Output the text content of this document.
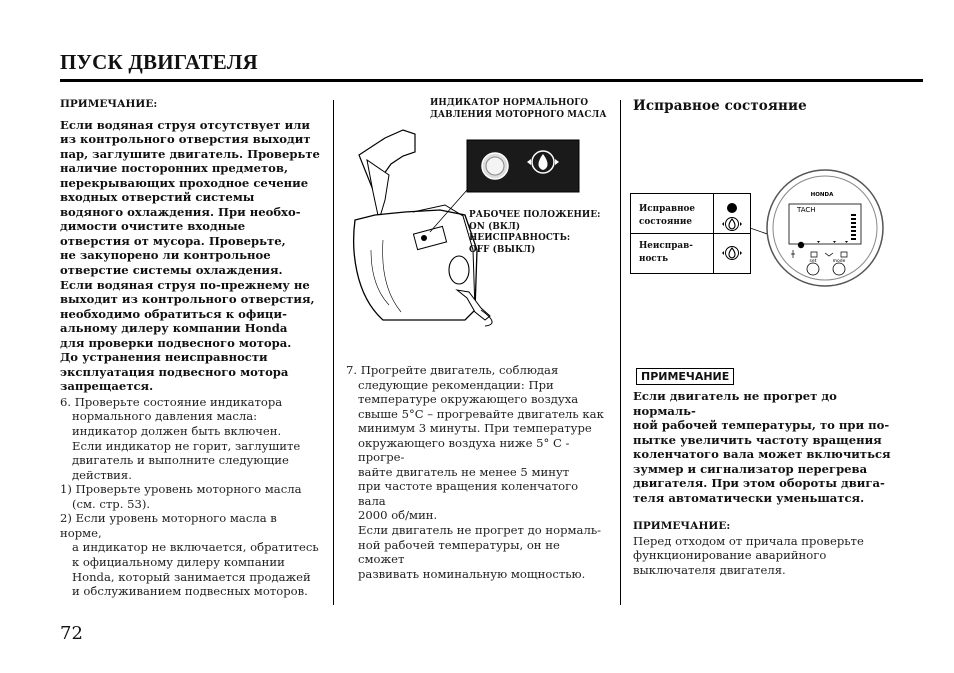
ПУСК ДВИГАТЕЛЯ
ПРИМЕЧАНИЕ:
Если водяная струя отсутствует или
из контрольного отверстия выходит
пар, заглушите двигатель. Проверьте
наличие посторонних предметов,
перекрывающих проходное сечение
входных отверстий системы
водяного охлаждения. При необхо-
димости очистите входные
отверстия от мусора. Проверьте,
не закупорено ли контрольное
отверстие системы охлаждения.
Если водяная струя по-прежнему не
выходит из контрольного отверстия,
необходимо обратиться к офици-
альному дилеру компании Honda
для проверки подвесного мотора.
До устранения неисправности
эксплуатация подвесного мотора
запрещается.
6. Проверьте состояние индикатора
нормального давления масла:
индикатор должен быть включен.
Если индикатор не горит, заглушите
двигатель и выполните следующие
действия.
1) Проверьте уровень моторного масла
(см. стр. 53).
2) Если уровень моторного масла в норме,
а индикатор не включается, обратитесь
к официальному дилеру компании
Honda, который занимается продажей
и обслуживанием подвесных моторов.
ИНДИКАТОР НОРМАЛЬНОГО
ДАВЛЕНИЯ МОТОРНОГО МАСЛА
РАБОЧЕЕ ПОЛОЖЕНИЕ:
ON (ВКЛ)
НЕИСПРАВНОСТЬ:
OFF (ВЫКЛ)
7. Прогрейте двигатель, соблюдая
следующие рекомендации: При
температуре окружающего воздуха
свыше 5°С – прогревайте двигатель как
минимум 3 минуты. При температуре
окружающего воздуха ниже 5° С - прогре-
вайте двигатель не менее 5 минут
при частоте вращения коленчатого вала
2000 об/мин.
Если двигатель не прогрет до нормаль-
ной рабочей температуры, он не сможет
развивать номинальную мощностью.
Исправное состояние
Исправное
состояние
Неисправ-
ность
HONDA
TACH
set	mode
ПРИМЕЧАНИЕ
Если двигатель не прогрет до нормаль-
ной рабочей температуры, то при по-
пытке увеличить частоту вращения
коленчатого вала может включиться
зуммер и сигнализатор перегрева
двигателя. При этом обороты двига-
теля автоматически уменьшатся.
ПРИМЕЧАНИЕ:
Перед отходом от причала проверьте
функционирование аварийного
выключателя двигателя.
72
